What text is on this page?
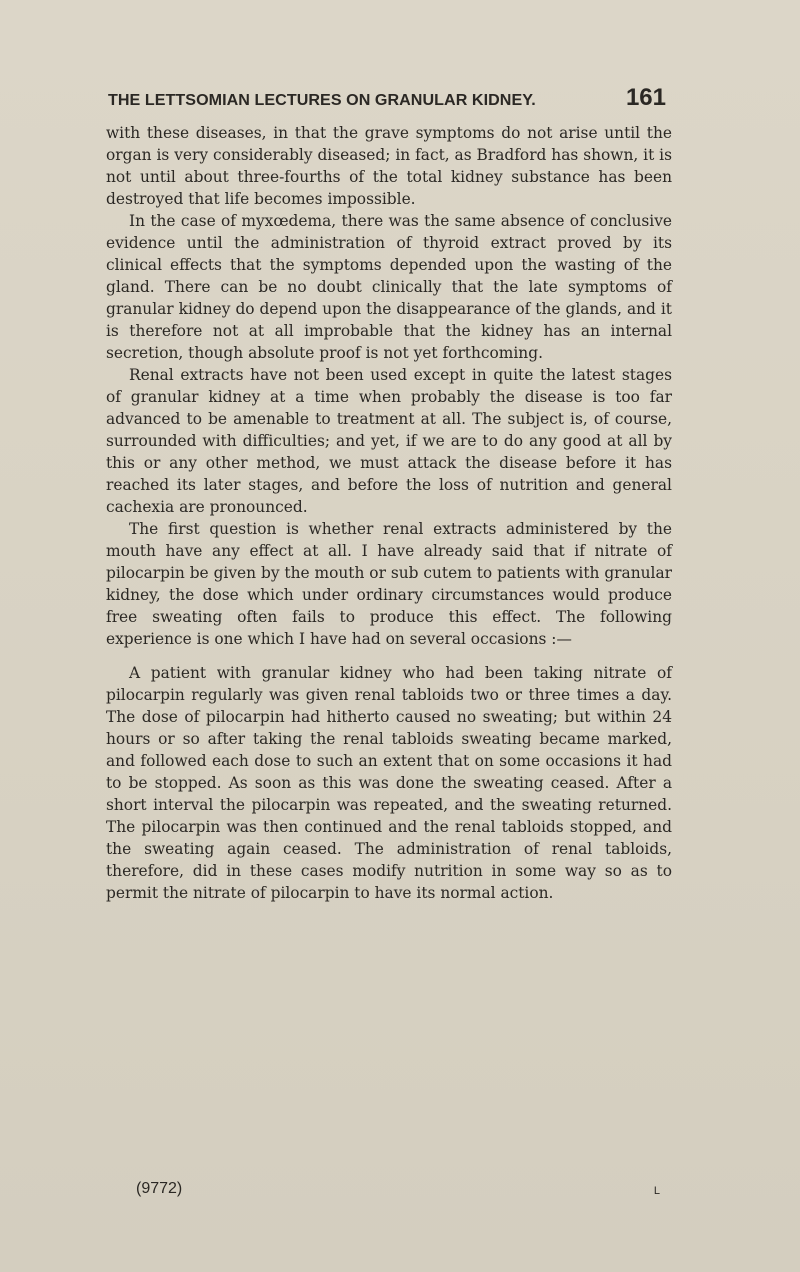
THE LETTSOMIAN LECTURES ON GRANULAR KIDNEY.	161

with these diseases, in that the grave symptoms do not arise until the organ is very considerably diseased; in fact, as Bradford has shown, it is not until about three-fourths of the total kidney substance has been destroyed that life becomes impossible.

In the case of myxœdema, there was the same absence of conclusive evidence until the administration of thyroid extract proved by its clinical effects that the symptoms depended upon the wasting of the gland. There can be no doubt clinically that the late symptoms of granular kidney do depend upon the disappearance of the glands, and it is therefore not at all improbable that the kidney has an internal secretion, though absolute proof is not yet forthcoming.

Renal extracts have not been used except in quite the latest stages of granular kidney at a time when probably the disease is too far advanced to be amenable to treatment at all. The subject is, of course, surrounded with difficulties; and yet, if we are to do any good at all by this or any other method, we must attack the disease before it has reached its later stages, and before the loss of nutrition and general cachexia are pronounced.

The first question is whether renal extracts administered by the mouth have any effect at all. I have already said that if nitrate of pilocarpin be given by the mouth or sub cutem to patients with granular kidney, the dose which under ordinary circumstances would produce free sweating often fails to produce this effect. The following experience is one which I have had on several occasions :—

A patient with granular kidney who had been taking nitrate of pilocarpin regularly was given renal tabloids two or three times a day. The dose of pilocarpin had hitherto caused no sweating; but within 24 hours or so after taking the renal tabloids sweating became marked, and followed each dose to such an extent that on some occasions it had to be stopped. As soon as this was done the sweating ceased. After a short interval the pilocarpin was repeated, and the sweating returned. The pilocarpin was then continued and the renal tabloids stopped, and the sweating again ceased. The administration of renal tabloids, therefore, did in these cases modify nutrition in some way so as to permit the nitrate of pilocarpin to have its normal action.

(9772)	L
